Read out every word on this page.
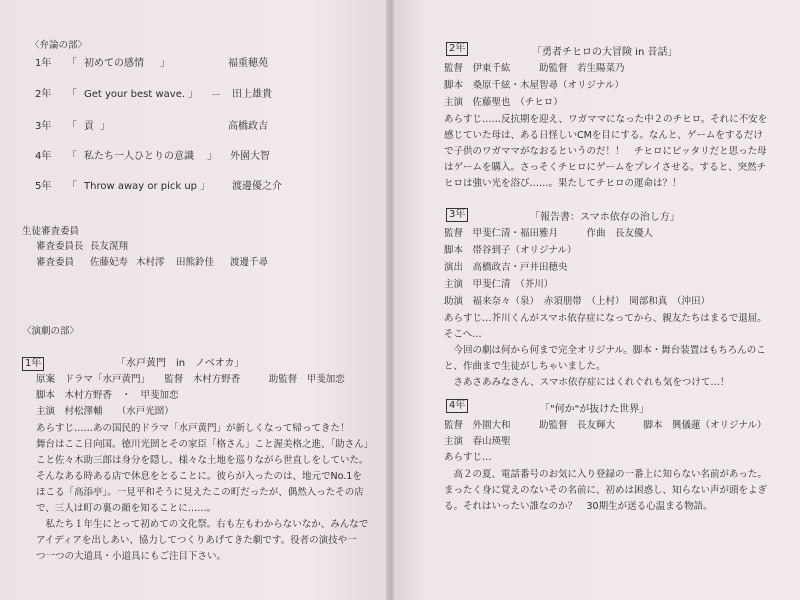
〈弁論の部〉
1年 「 初めての感情 」	福重穂苑
2年 「 Get your best wave. 」 … 田上雄貴
3年 「 貢 」	高橋政吉
4年 「 私たち一人ひとりの意識 」 外園大智
5年 「 Throw away or pick up 」 渡邊優之介
生徒審査委員
審査委員長 長友滉翔
審査委員 佐藤妃寿 木村澪 田熊鈴佳 渡邊千尋
〈演劇の部〉
1年	「水戸黄門　in　ノベオカ」
原案　ドラマ「水戸黄門」　　監督　木村方野香　　　助監督　甲斐加恋
脚本　木村方野香　・　甲斐加恋
主演　村松澤輔　　（水戸光圀）
あらすじ……あの国民的ドラマ「水戸黄門」が新しくなって帰ってきた！
舞台はここ日向国。徳川光圀とその家臣「格さん」こと渥美格之進、「助さん」
こと佐々木助三郎は身分を隠し、様々な土地を巡りながら世直しをしていた。
そんなある時ある店で休息をとることに。彼らが入ったのは、地元でNo.1を
ほこる「高添亭」。一見平和そうに見えたこの町だったが、偶然入ったその店
で、三人は町の裏の顔を知ることに……。
　私たち１年生にとって初めての文化祭。右も左もわからないなか、みんなで
アイディアを出しあい、協力してつくりあげてきた劇です。役者の演技や一
つ一つの大道具・小道具にもご注目下さい。
2年	「勇者チヒロの大冒険 in 昔話」
監督　伊東千紘　　　助監督　若生陽菜乃
脚本　桑原千絃・木屋智尋（オリジナル）
主演　佐藤聖也　（チヒロ）
あらすじ……反抗期を迎え、ワガママになった中２のチヒロ。それに不安を
感じていた母は、ある日怪しいCMを目にする。なんと、ゲームをするだけ
で子供のワガママがなおるというのだ！！　チヒロにピッタリだと思った母
はゲームを購入。さっそくチヒロにゲームをプレイさせる。すると、突然チ
ヒロは強い光を浴び……。果たしてチヒロの運命は？！
3年	「報告書：スマホ依存の治し方」
監督　甲斐仁清・福田雅月　　　作曲　長友優人
脚本　帯谷到子（オリジナル）
演出　高橋政吉・戸井田穂央
主演　甲斐仁清　（芥川）
助演　福来奈々（泉）　赤須朋帯　（上村）　岡部和真　（沖田）
あらすじ…芥川くんがスマホ依存症になってから、親友たちはまるで退屈。
そこへ…
　今回の劇は何から何まで完全オリジナル。脚本・舞台装置はもちろんのこ
と、作曲まで生徒がしちゃいました。
　さあさあみなさん、スマホ依存症にはくれぐれも気をつけて…！
4年	「"何か"が抜けた世界」
監督　外園大和　　　助監督　長友輝大　　　脚本　興儀蓮（オリジナル）
主演　春山瑛聖
あらすじ…
　高２の夏、電話番号のお気に入り登録の一番上に知らない名前があった。
まったく身に覚えのないその名前に、初めは困惑し、知らない声が頭をよぎ
る。それはいったい誰なのか？　30期生が送る心温まる物語。
